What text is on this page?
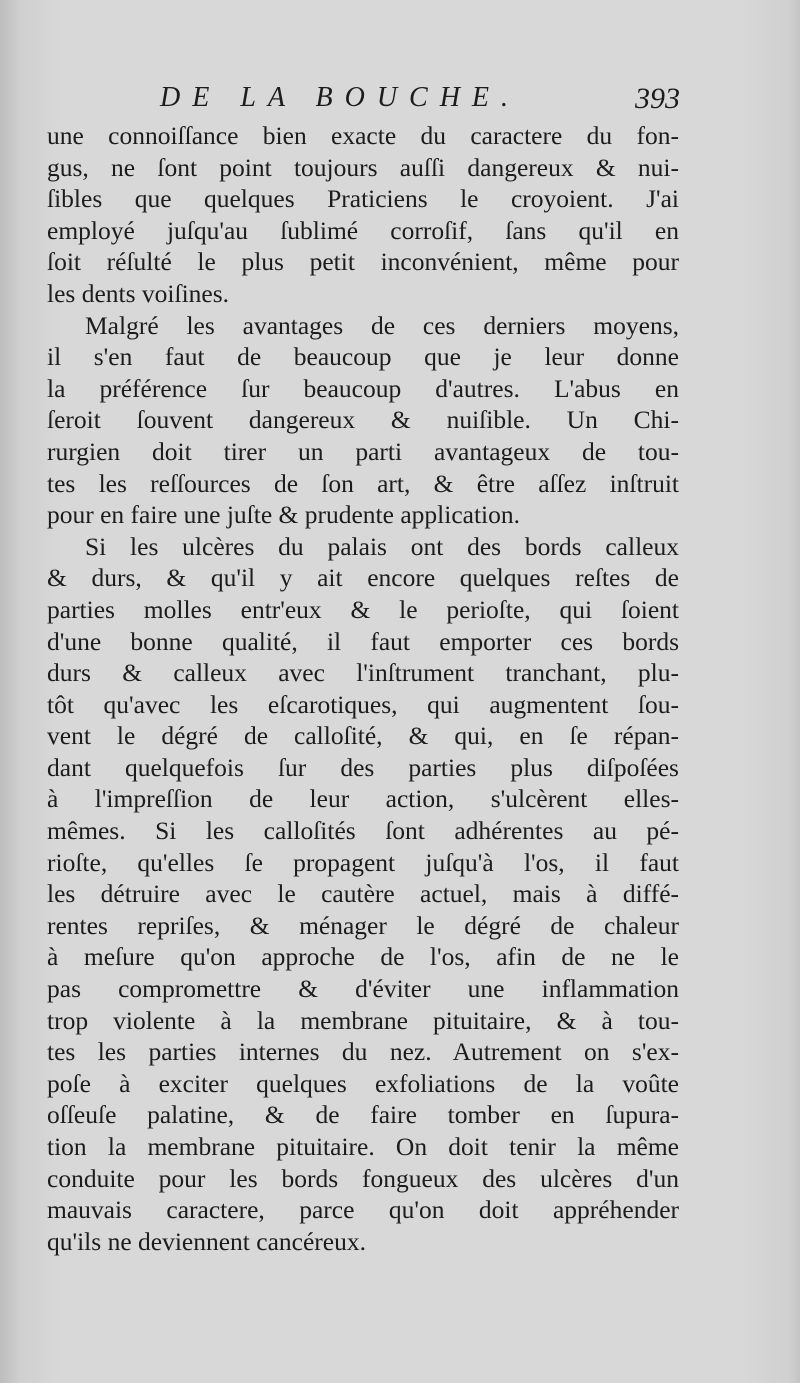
DE LA BOUCHE.	393
une connoiſſance bien exacte du caractere du fon-
gus, ne ſont point toujours auſſi dangereux & nui-
ſibles que quelques Praticiens le croyoient. J'ai
employé juſqu'au ſublimé corroſif, ſans qu'il en
ſoit réſulté le plus petit inconvénient, même pour
les dents voiſines.
Malgré les avantages de ces derniers moyens,
il s'en faut de beaucoup que je leur donne
la préférence ſur beaucoup d'autres. L'abus en
ſeroit ſouvent dangereux & nuiſible. Un Chi-
rurgien doit tirer un parti avantageux de tou-
tes les reſſources de ſon art, & être aſſez inſtruit
pour en faire une juſte & prudente application.
Si les ulcères du palais ont des bords calleux
& durs, & qu'il y ait encore quelques reſtes de
parties molles entr'eux & le perioſte, qui ſoient
d'une bonne qualité, il faut emporter ces bords
durs & calleux avec l'inſtrument tranchant, plu-
tôt qu'avec les eſcarotiques, qui augmentent ſou-
vent le dégré de calloſité, & qui, en ſe répan-
dant quelquefois ſur des parties plus diſpoſées
à l'impreſſion de leur action, s'ulcèrent elles-
mêmes. Si les calloſités ſont adhérentes au pé-
rioſte, qu'elles ſe propagent juſqu'à l'os, il faut
les détruire avec le cautère actuel, mais à diffé-
rentes repriſes, & ménager le dégré de chaleur
à meſure qu'on approche de l'os, afin de ne le
pas compromettre & d'éviter une inflammation
trop violente à la membrane pituitaire, & à tou-
tes les parties internes du nez. Autrement on s'ex-
poſe à exciter quelques exfoliations de la voûte
oſſeuſe palatine, & de faire tomber en ſupura-
tion la membrane pituitaire. On doit tenir la même
conduite pour les bords fongueux des ulcères d'un
mauvais caractere, parce qu'on doit appréhender
qu'ils ne deviennent cancéreux.
